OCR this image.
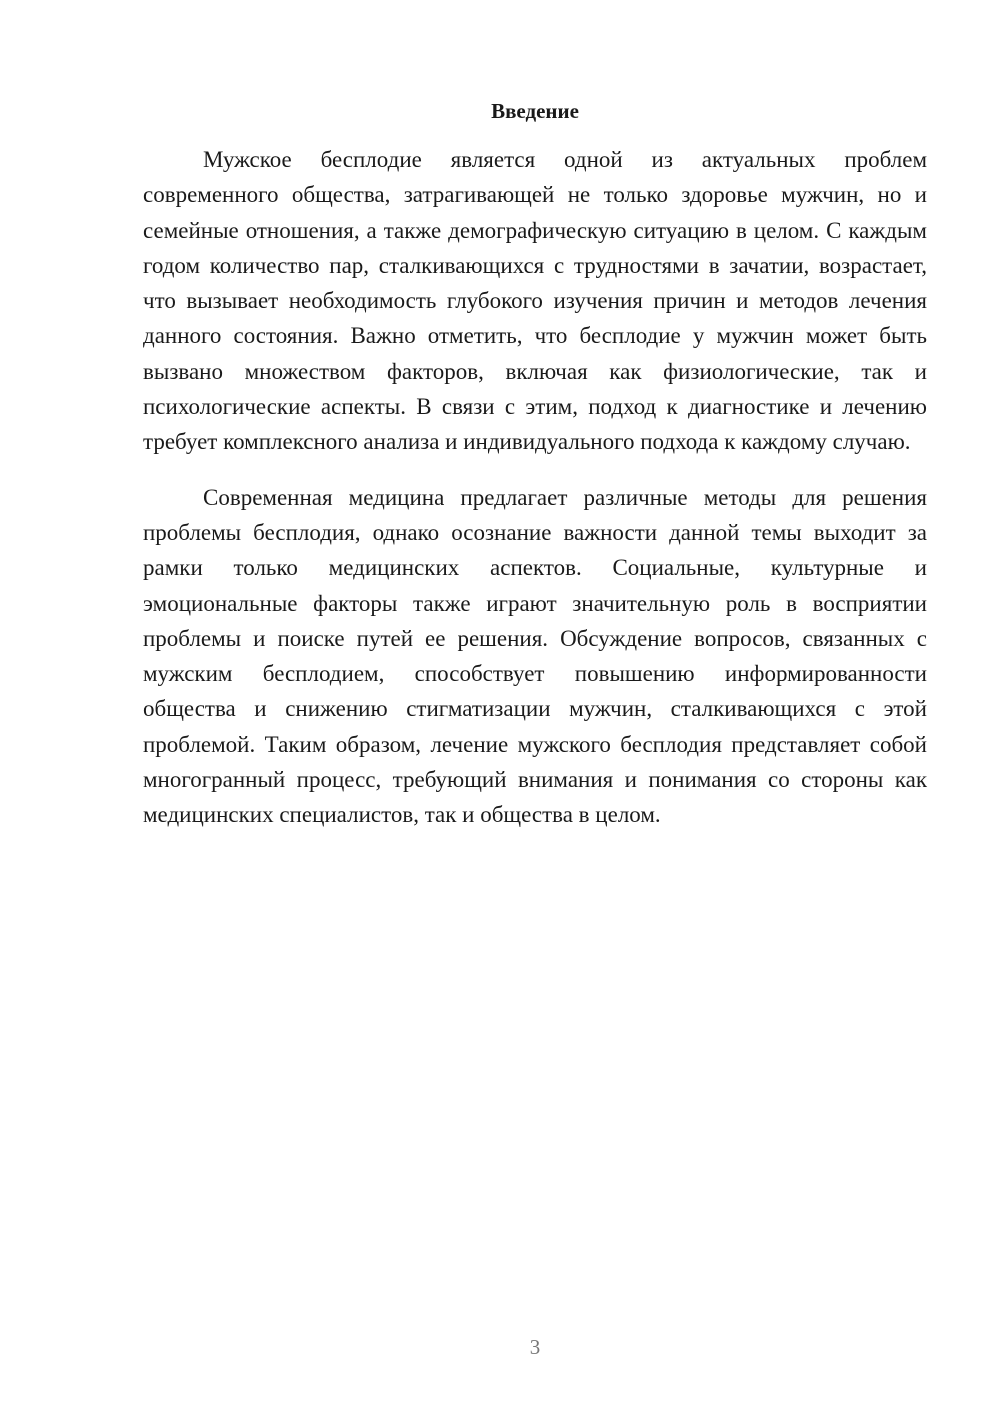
Введение

Мужское бесплодие является одной из актуальных проблем современного общества, затрагивающей не только здоровье мужчин, но и семейные отношения, а также демографическую ситуацию в целом. С каждым годом количество пар, сталкивающихся с трудностями в зачатии, возрастает, что вызывает необходимость глубокого изучения причин и методов лечения данного состояния. Важно отметить, что бесплодие у мужчин может быть вызвано множеством факторов, включая как физиологические, так и психологические аспекты. В связи с этим, подход к диагностике и лечению требует комплексного анализа и индивидуального подхода к каждому случаю.

Современная медицина предлагает различные методы для решения проблемы бесплодия, однако осознание важности данной темы выходит за рамки только медицинских аспектов. Социальные, культурные и эмоциональные факторы также играют значительную роль в восприятии проблемы и поиске путей ее решения. Обсуждение вопросов, связанных с мужским бесплодием, способствует повышению информированности общества и снижению стигматизации мужчин, сталкивающихся с этой проблемой. Таким образом, лечение мужского бесплодия представляет собой многогранный процесс, требующий внимания и понимания со стороны как медицинских специалистов, так и общества в целом.

3
